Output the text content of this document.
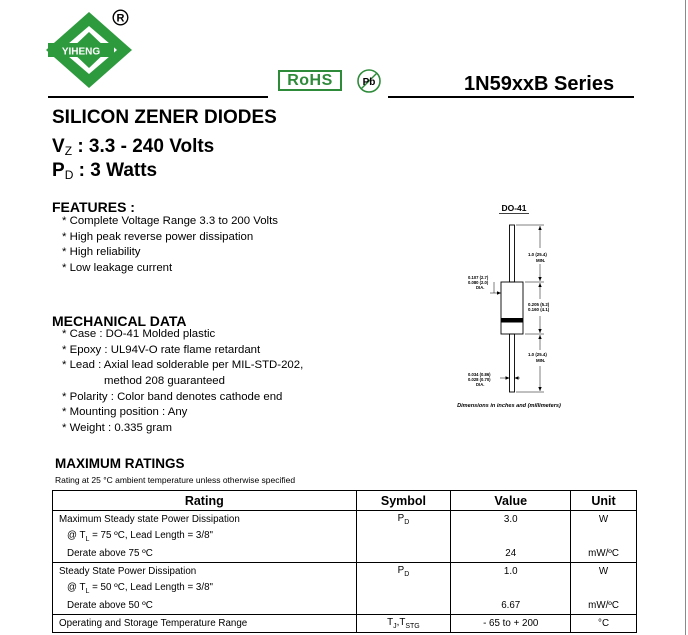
YIHENG
R
RoHS	Pb	1N59xxB Series
SILICON ZENER DIODES
$V_Z$ : 3.3 - 240 Volts
$P_D$ : 3 Watts
FEATURES :
* Complete Voltage Range 3.3 to 200 Volts
* High peak reverse power dissipation
* High reliability
* Low leakage current
MECHANICAL DATA
* Case : DO-41 Molded plastic
* Epoxy : UL94V-O rate flame retardant
* Lead : Axial lead solderable per MIL-STD-202,
method 208 guaranteed
* Polarity : Color band denotes cathode end
* Mounting position : Any
* Weight : 0.335 gram
DO-41
1.0 (25.4)
MIN.
0.205 (5.2)
0.160 (4.1)
1.0 (25.4)
MIN.
0.107 (2.7)
0.080 (2.0)
DIA.
0.034 (0.86)
0.028 (0.70)
DIA.
Dimensions in inches and (millimeters)
MAXIMUM RATINGS
Rating at 25 °C ambient temperature unless otherwise specified
Rating	Symbol	Value	Unit
Maximum Steady state Power Dissipation	$P_D$	3.0	W
@ $T_L = 75$ ºC, Lead Length = 3/8"			
Derate above 75 ºC		24	mW/ºC
Steady State Power Dissipation	$P_D$	1.0	W
@ $T_L = 50$ ºC, Lead Length = 3/8"			
Derate above 50 ºC		6.67	mW/ºC
Operating and Storage Temperature Range	$T_J,T_{STG}$	- 65 to + 200	°C
